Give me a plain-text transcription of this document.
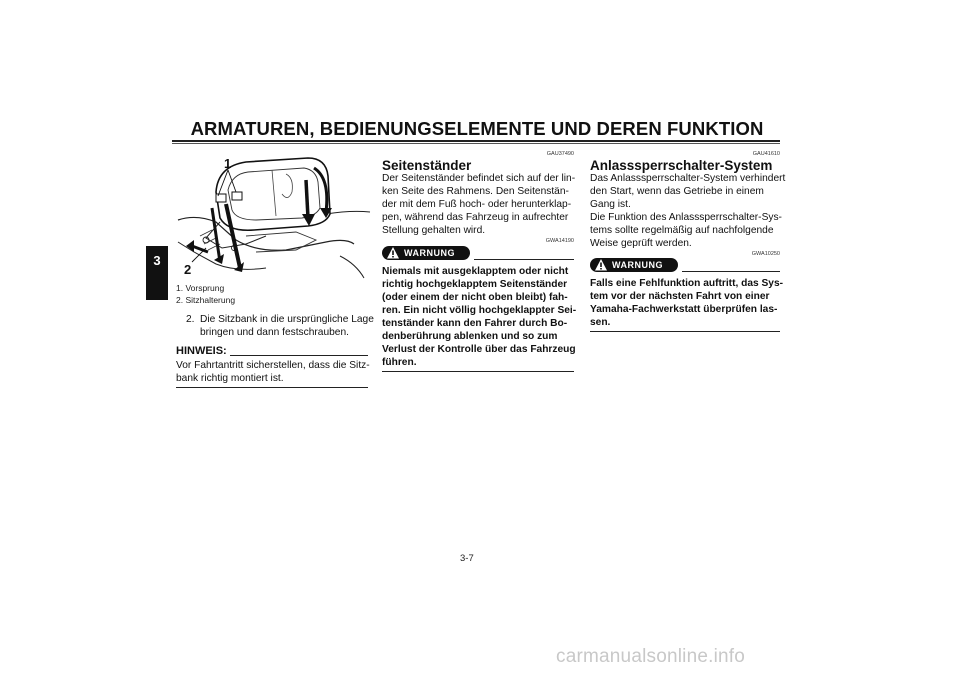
ARMATUREN, BEDIENUNGSELEMENTE UND DEREN FUNKTION
3
1
2
1. Vorsprung
2. Sitzhalterung
2. Die Sitzbank in die ursprüngliche Lage
bringen und dann festschrauben.
HINWEIS:
Vor Fahrtantritt sicherstellen, dass die Sitz-
bank richtig montiert ist.
GAU37490
Seitenständer
Der Seitenständer befindet sich auf der lin-
ken Seite des Rahmens. Den Seitenstän-
der mit dem Fuß hoch- oder herunterklap-
pen, während das Fahrzeug in aufrechter
Stellung gehalten wird.
GWA14190
WARNUNG
Niemals mit ausgeklapptem oder nicht
richtig hochgeklapptem Seitenständer
(oder einem der nicht oben bleibt) fah-
ren. Ein nicht völlig hochgeklappter Sei-
tenständer kann den Fahrer durch Bo-
denberührung ablenken und so zum
Verlust der Kontrolle über das Fahrzeug
führen.
GAU41610
Anlasssperrschalter-System
Das Anlasssperrschalter-System verhindert
den Start, wenn das Getriebe in einem
Gang ist.
Die Funktion des Anlasssperrschalter-Sys-
tems sollte regelmäßig auf nachfolgende
Weise geprüft werden.
GWA10250
WARNUNG
Falls eine Fehlfunktion auftritt, das Sys-
tem vor der nächsten Fahrt von einer
Yamaha-Fachwerkstatt überprüfen las-
sen.
3-7
carmanualsonline.info
